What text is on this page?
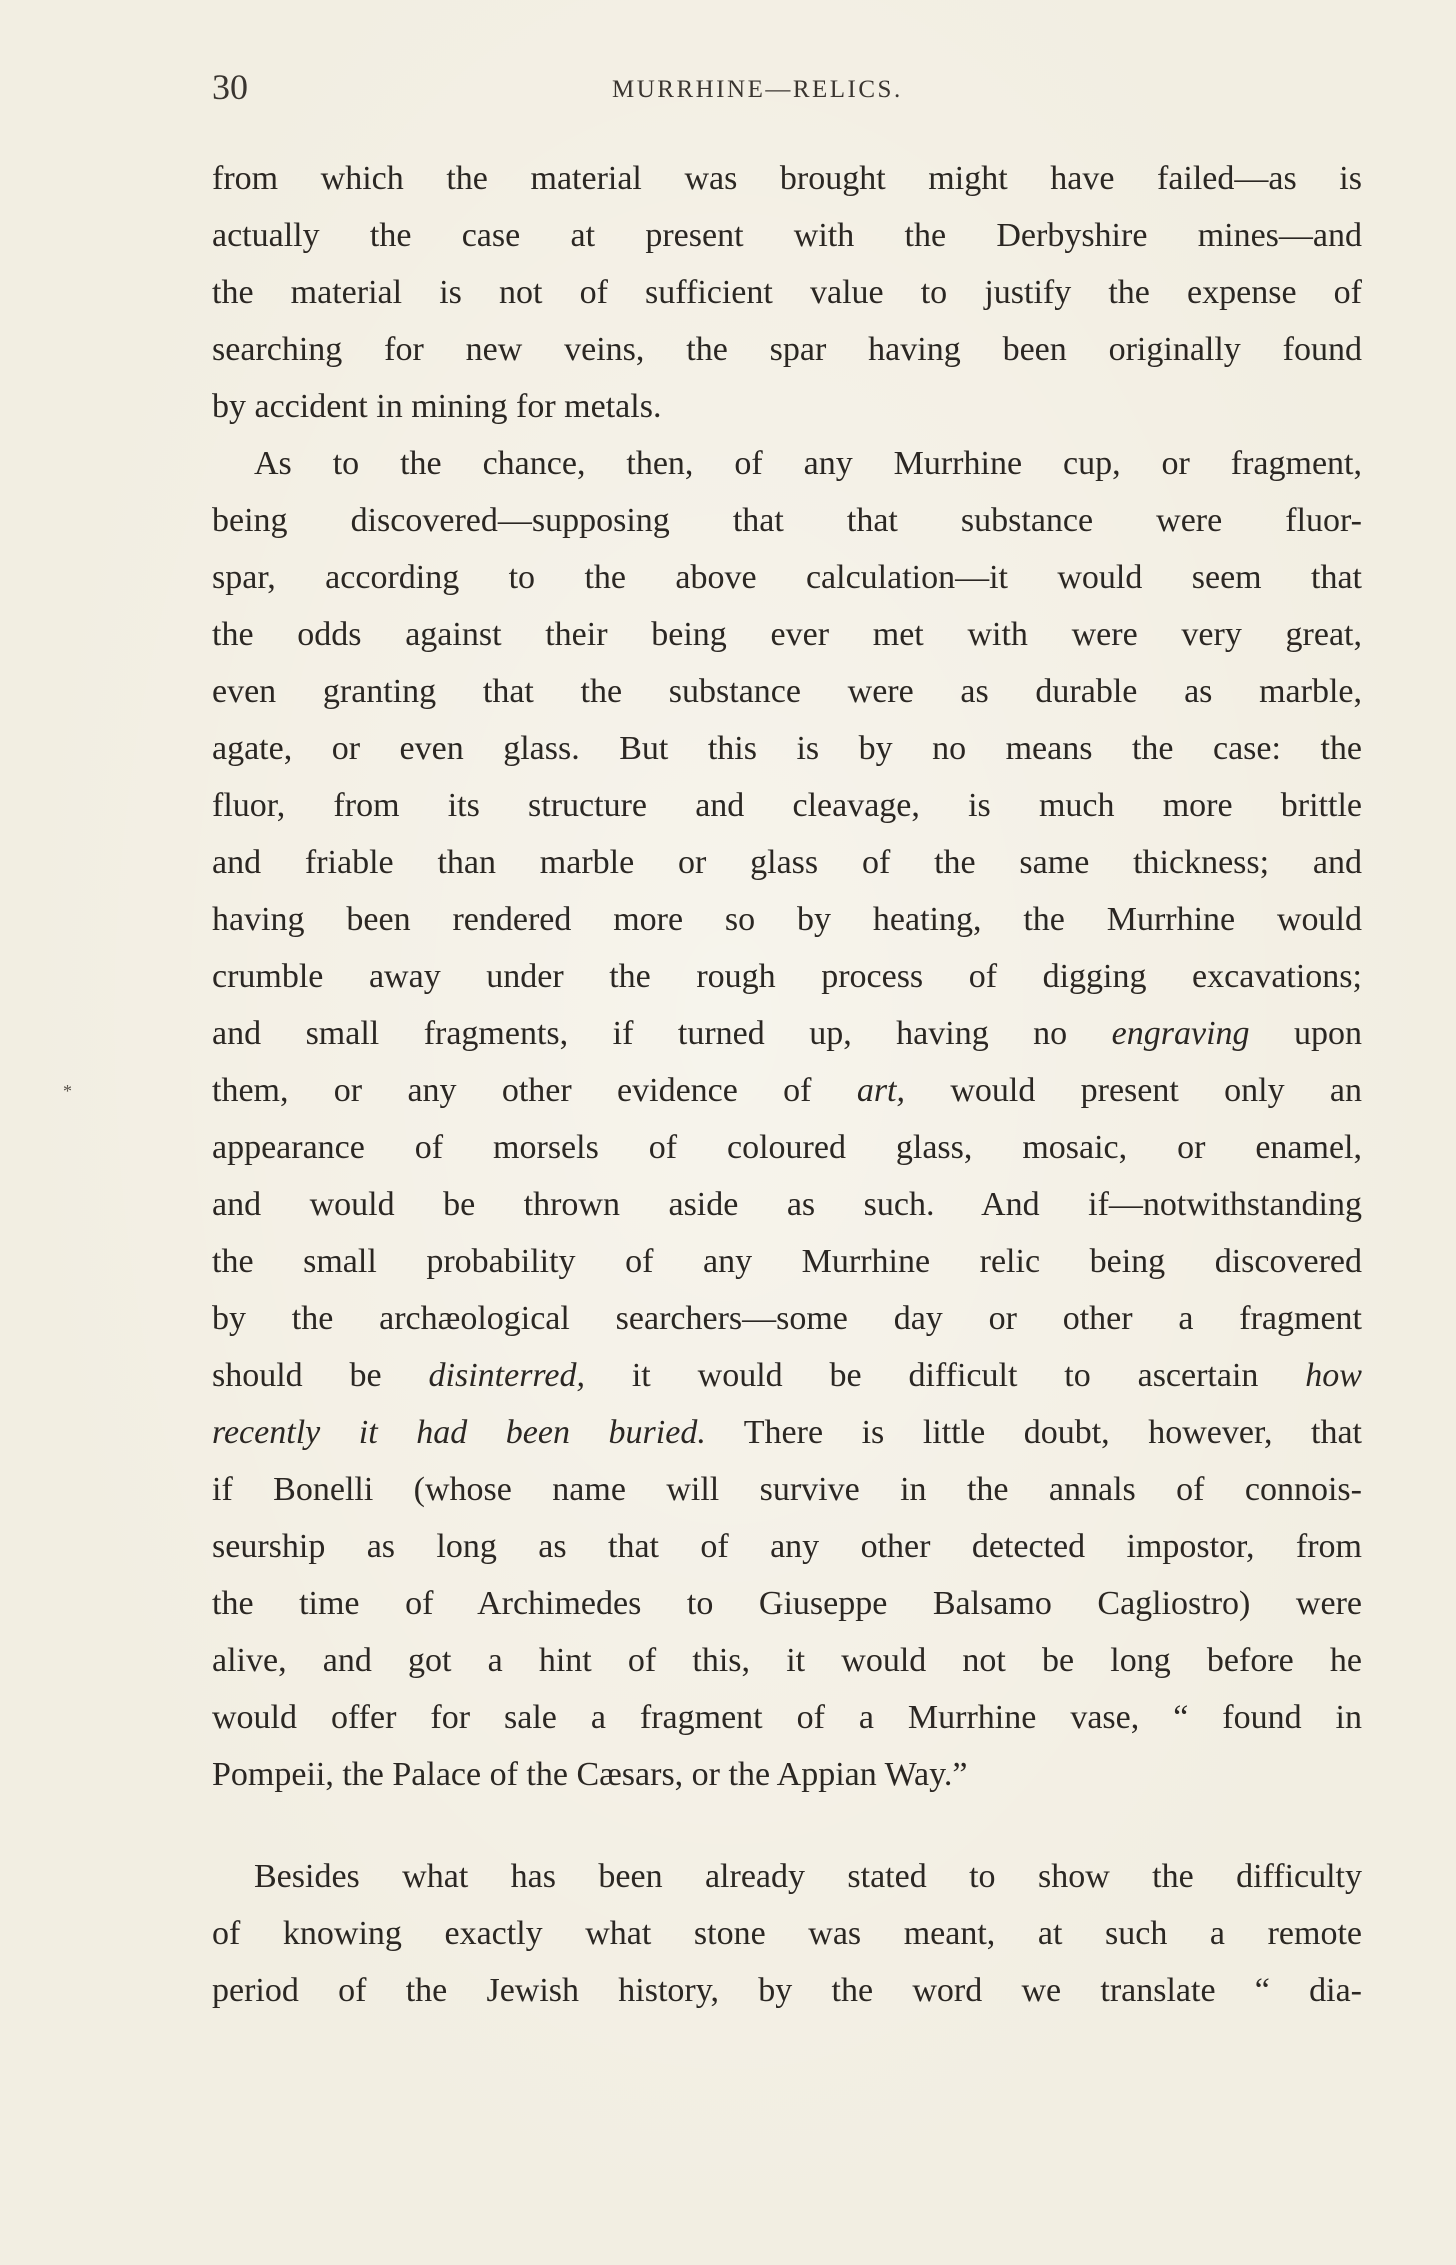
30	MURRHINE—RELICS.
*
from which the material was brought might have failed—as is
actually the case at present with the Derbyshire mines—and
the material is not of sufficient value to justify the expense of
searching for new veins, the spar having been originally found
by accident in mining for metals.
As to the chance, then, of any Murrhine cup, or fragment,
being discovered—supposing that that substance were fluor-
spar, according to the above calculation—it would seem that
the odds against their being ever met with were very great,
even granting that the substance were as durable as marble,
agate, or even glass. But this is by no means the case: the
fluor, from its structure and cleavage, is much more brittle
and friable than marble or glass of the same thickness; and
having been rendered more so by heating, the Murrhine would
crumble away under the rough process of digging excavations;
and small fragments, if turned up, having no engraving upon
them, or any other evidence of art, would present only an
appearance of morsels of coloured glass, mosaic, or enamel,
and would be thrown aside as such. And if—notwithstanding
the small probability of any Murrhine relic being discovered
by the archæological searchers—some day or other a fragment
should be disinterred, it would be difficult to ascertain how
recently it had been buried. There is little doubt, however, that
if Bonelli (whose name will survive in the annals of connois-
seurship as long as that of any other detected impostor, from
the time of Archimedes to Giuseppe Balsamo Cagliostro) were
alive, and got a hint of this, it would not be long before he
would offer for sale a fragment of a Murrhine vase, “ found in
Pompeii, the Palace of the Cæsars, or the Appian Way.”
Besides what has been already stated to show the difficulty
of knowing exactly what stone was meant, at such a remote
period of the Jewish history, by the word we translate “ dia-
